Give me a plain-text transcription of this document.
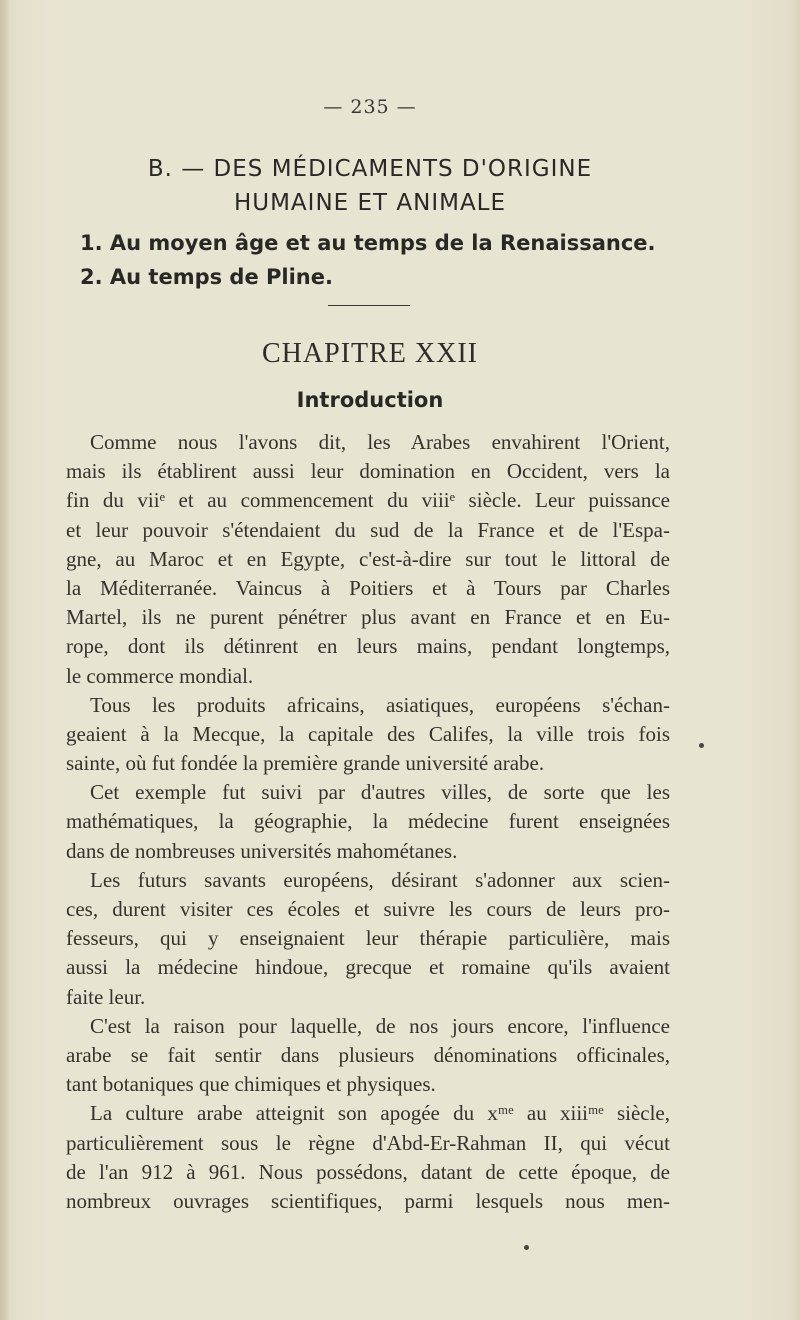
— 235 —
B. — DES MÉDICAMENTS D'ORIGINE
HUMAINE ET ANIMALE
1. Au moyen âge et au temps de la Renaissance.
2. Au temps de Pline.
CHAPITRE XXII
Introduction
Comme nous l'avons dit, les Arabes envahirent l'Orient,
mais ils établirent aussi leur domination en Occident, vers la
fin du viiᵉ et au commencement du viiiᵉ siècle. Leur puissance
et leur pouvoir s'étendaient du sud de la France et de l'Espa-
gne, au Maroc et en Egypte, c'est-à-dire sur tout le littoral de
la Méditerranée. Vaincus à Poitiers et à Tours par Charles
Martel, ils ne purent pénétrer plus avant en France et en Eu-
rope, dont ils détinrent en leurs mains, pendant longtemps,
le commerce mondial.
Tous les produits africains, asiatiques, européens s'échan-
geaient à la Mecque, la capitale des Califes, la ville trois fois
sainte, où fut fondée la première grande université arabe.
Cet exemple fut suivi par d'autres villes, de sorte que les
mathématiques, la géographie, la médecine furent enseignées
dans de nombreuses universités mahométanes.
Les futurs savants européens, désirant s'adonner aux scien-
ces, durent visiter ces écoles et suivre les cours de leurs pro-
fesseurs, qui y enseignaient leur thérapie particulière, mais
aussi la médecine hindoue, grecque et romaine qu'ils avaient
faite leur.
C'est la raison pour laquelle, de nos jours encore, l'influence
arabe se fait sentir dans plusieurs dénominations officinales,
tant botaniques que chimiques et physiques.
La culture arabe atteignit son apogée du xᵐᵉ au xiiiᵐᵉ siècle,
particulièrement sous le règne d'Abd-Er-Rahman II, qui vécut
de l'an 912 à 961. Nous possédons, datant de cette époque, de
nombreux ouvrages scientifiques, parmi lesquels nous men-
